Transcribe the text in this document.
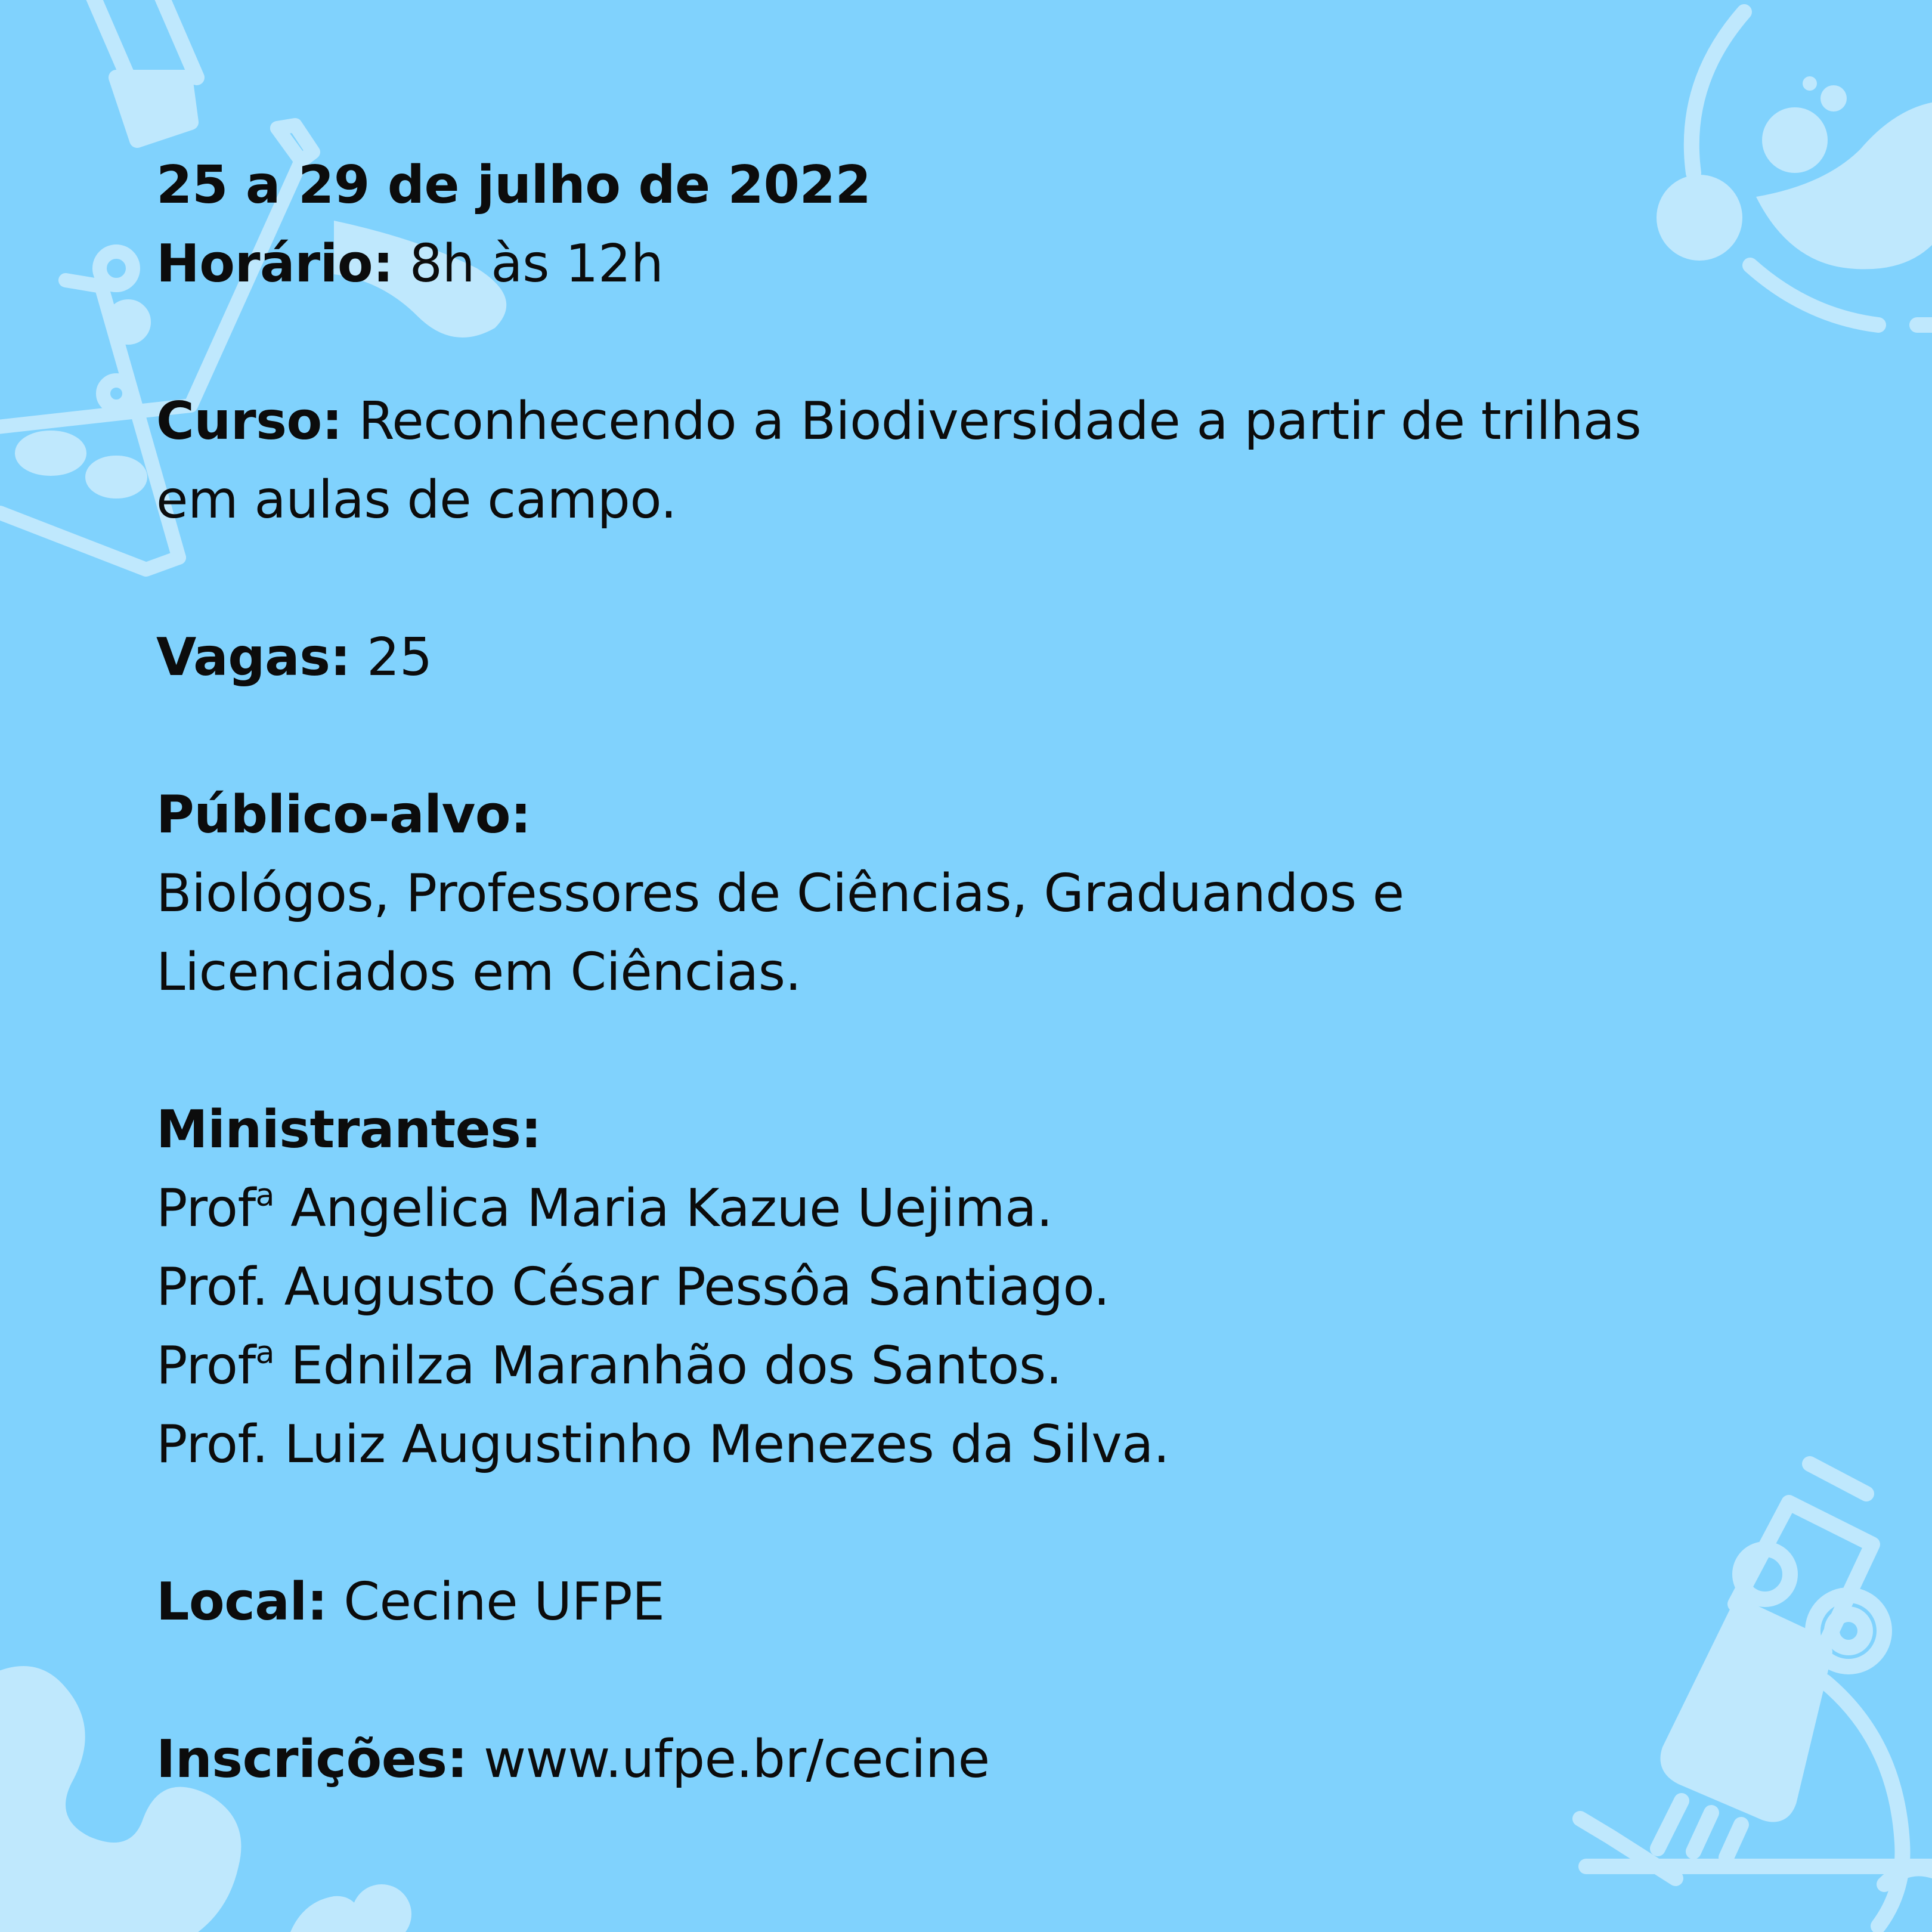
25 a 29 de julho de 2022
Horário: 8h às 12h
Curso: Reconhecendo a Biodiversidade a partir de trilhas
em aulas de campo.
Vagas: 25
Público-alvo:
Biológos, Professores de Ciências, Graduandos e
Licenciados em Ciências.
Ministrantes:
Prof$^a$ Angelica Maria Kazue Uejima.
Prof. Augusto César Pessôa Santiago.
Prof$^a$ Ednilza Maranhão dos Santos.
Prof. Luiz Augustinho Menezes da Silva.
Local: Cecine UFPE
Inscrições: www.ufpe.br/cecine
